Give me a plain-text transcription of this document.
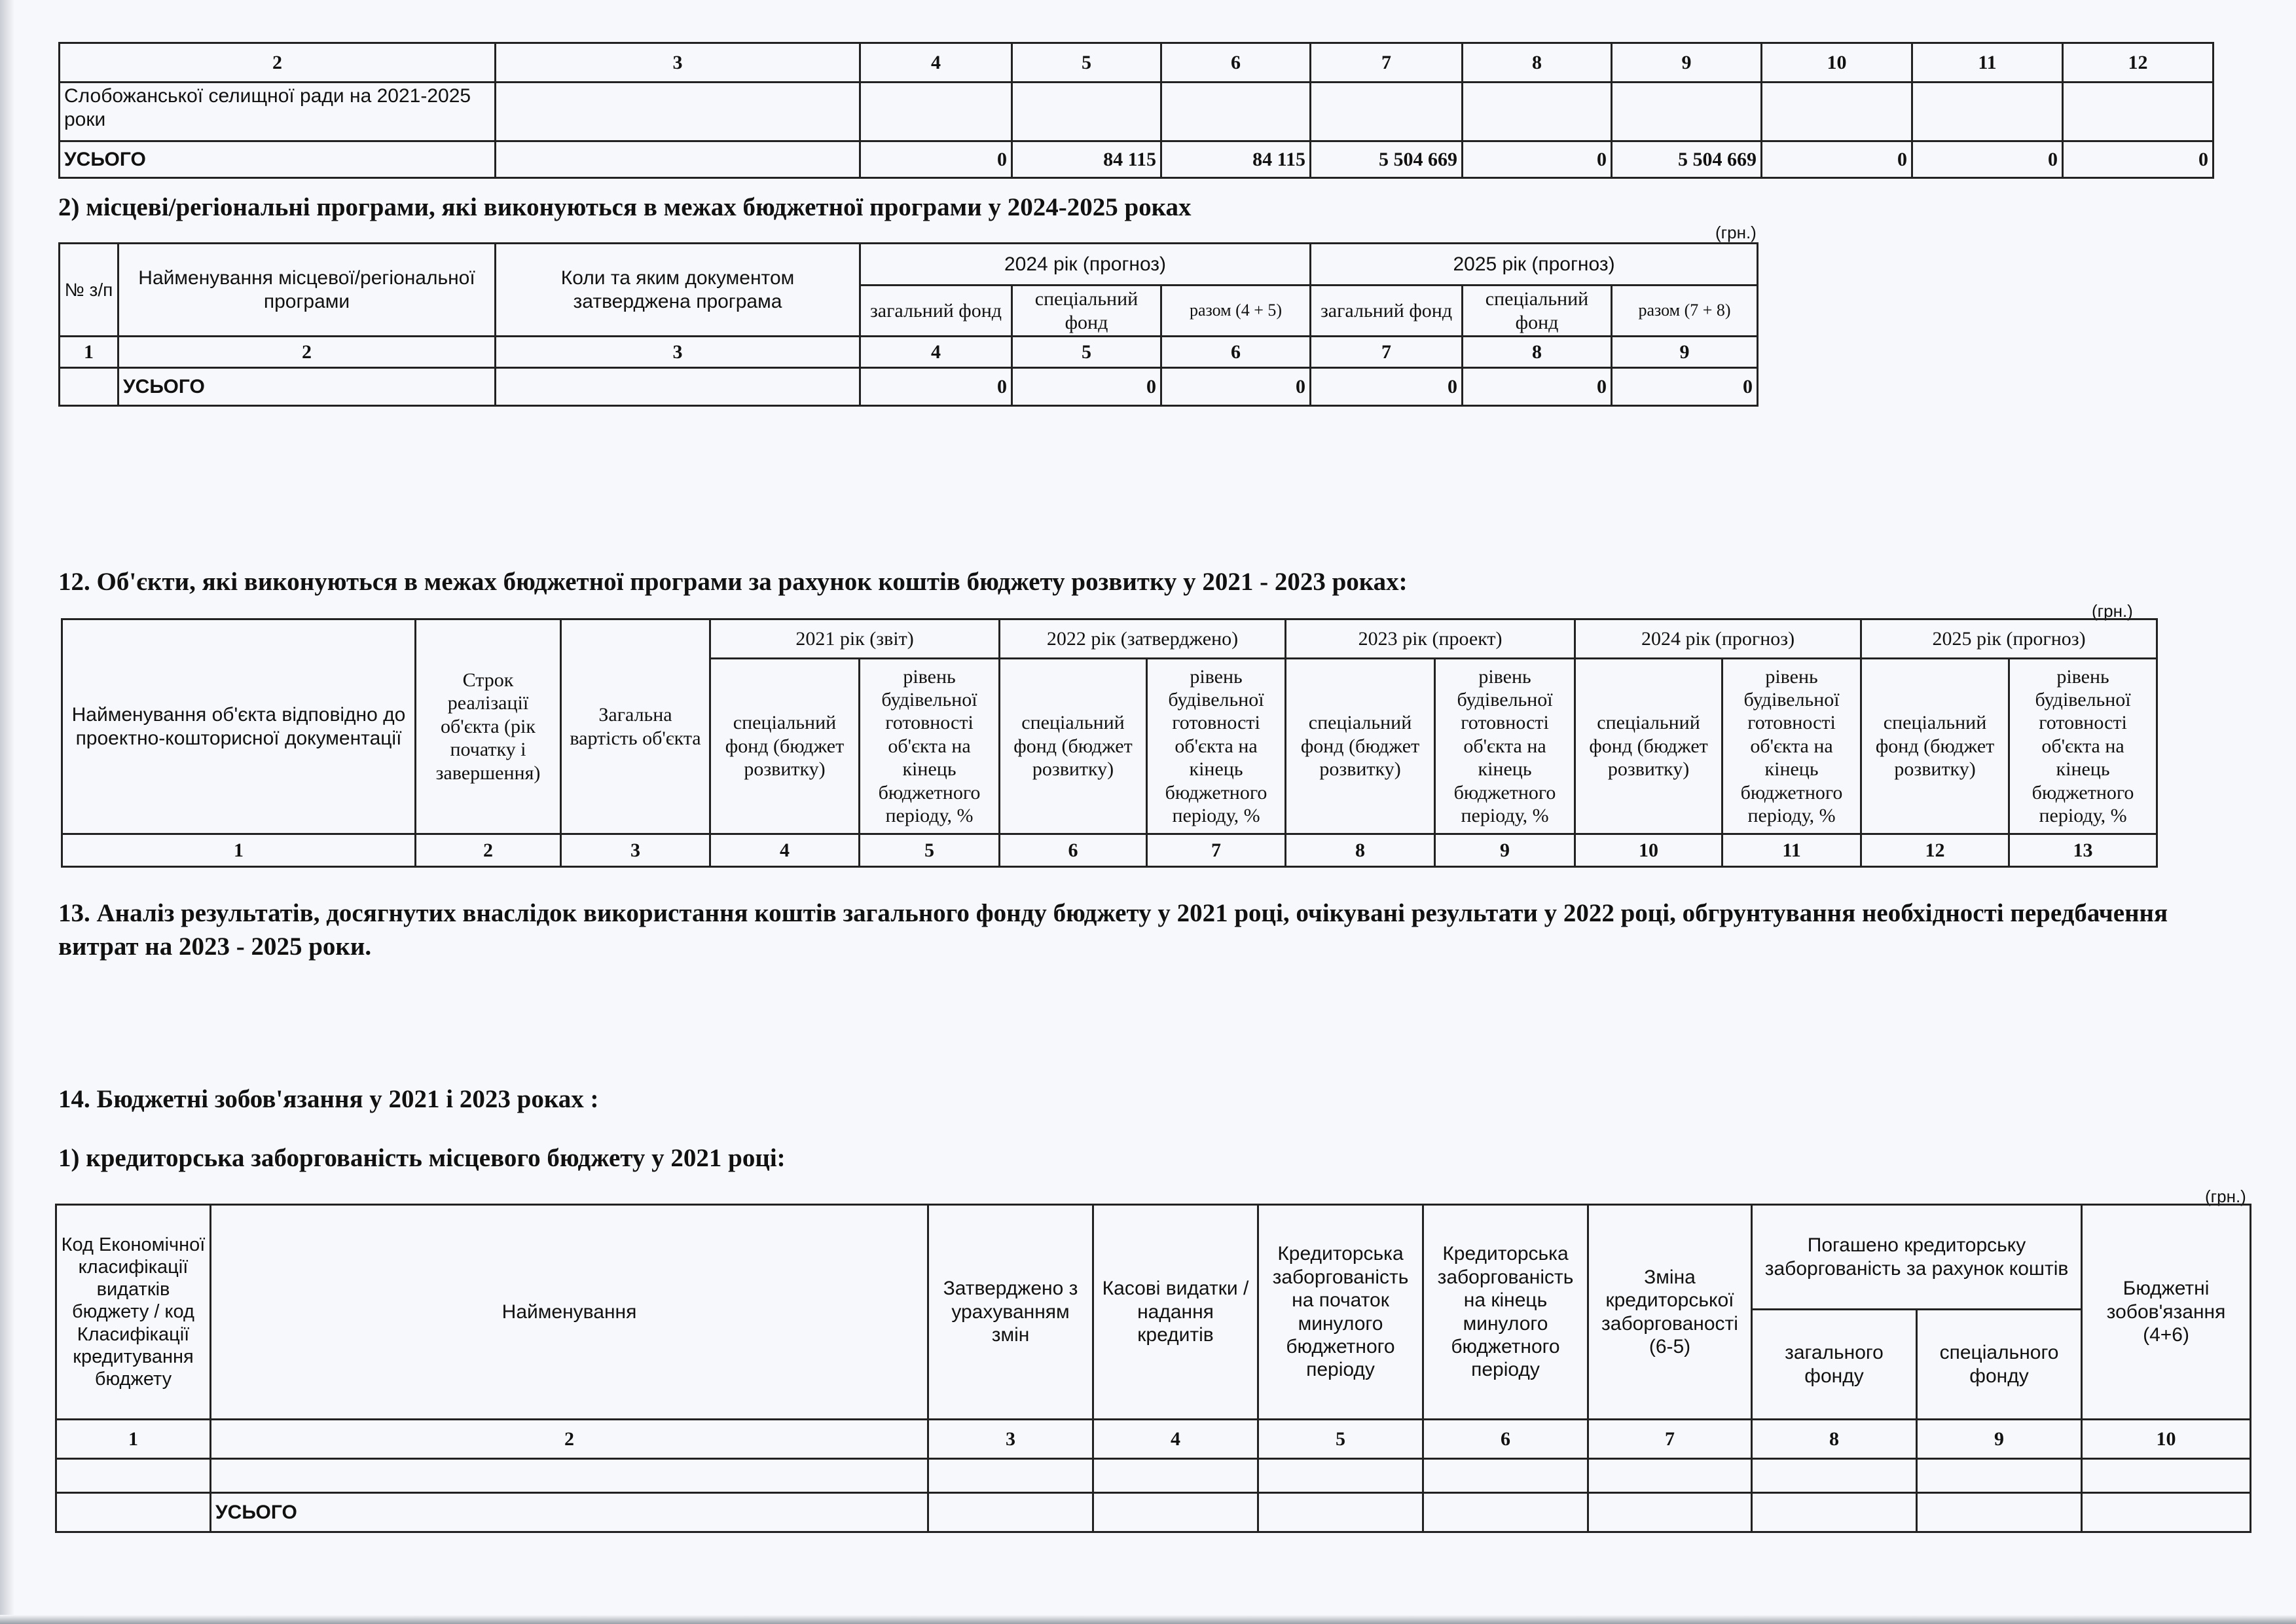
2	3	4	5	6	7	8	9	10	11	12
Слобожанської селищної ради на 2021-2025 роки										
УСЬОГО		0	84 115	84 115	5 504 669	0	5 504 669	0	0	0
2) місцеві/регіональні програми, які виконуються в межах бюджетної програми у 2024-2025 роках
(грн.)
№ з/п	Найменування місцевої/регіональної програми	Коли та яким документом затверджена програма	2024 рік (прогноз)			2025 рік (прогноз)		
			загальний фонд	спеціальний фонд	разом (4 + 5)	загальний фонд	спеціальний фонд	разом (7 + 8)
1	2	3	4	5	6	7	8	9
	УСЬОГО		0	0	0	0	0	0
12. Об'єкти, які виконуються в межах бюджетної програми за рахунок коштів бюджету розвитку у 2021 - 2023 роках:
(грн.)
Найменування об'єкта відповідно до проектно-кошторисної документації	Строк реалізації об'єкта (рік початку і завершення)	Загальна вартість об'єкта	2021 рік (звіт)		2022 рік (затверджено)		2023 рік (проект)		2024 рік (прогноз)		2025 рік (прогноз)	
			спеціальний фонд (бюджет розвитку)	рівень будівельної готовності об'єкта на кінець бюджетного періоду, %	спеціальний фонд (бюджет розвитку)	рівень будівельної готовності об'єкта на кінець бюджетного періоду, %	спеціальний фонд (бюджет розвитку)	рівень будівельної готовності об'єкта на кінець бюджетного періоду, %	спеціальний фонд (бюджет розвитку)	рівень будівельної готовності об'єкта на кінець бюджетного періоду, %	спеціальний фонд (бюджет розвитку)	рівень будівельної готовності об'єкта на кінець бюджетного періоду, %
1	2	3	4	5	6	7	8	9	10	11	12	13
13. Аналіз результатів, досягнутих внаслідок використання коштів загального фонду бюджету у 2021 році, очікувані результати у 2022 році, обгрунтування необхідності передбачення витрат на 2023 - 2025 роки.
14. Бюджетні зобов'язання у 2021 і 2023 роках :
1) кредиторська заборгованість місцевого бюджету у 2021 році:
(грн.)
Код Економічної класифікації видатків бюджету / код Класифікації кредитування бюджету	Найменування	Затверджено з урахуванням змін	Касові видатки / надання кредитів	Кредиторська заборгованість на початок минулого бюджетного періоду	Кредиторська заборгованість на кінець минулого бюджетного періоду	Зміна кредиторської заборгованості (6-5)	Погашено кредиторську заборгованість за рахунок коштів		Бюджетні зобов'язання (4+6)
							загального фонду	спеціального фонду	
1	2	3	4	5	6	7	8	9	10

	УСЬОГО								
